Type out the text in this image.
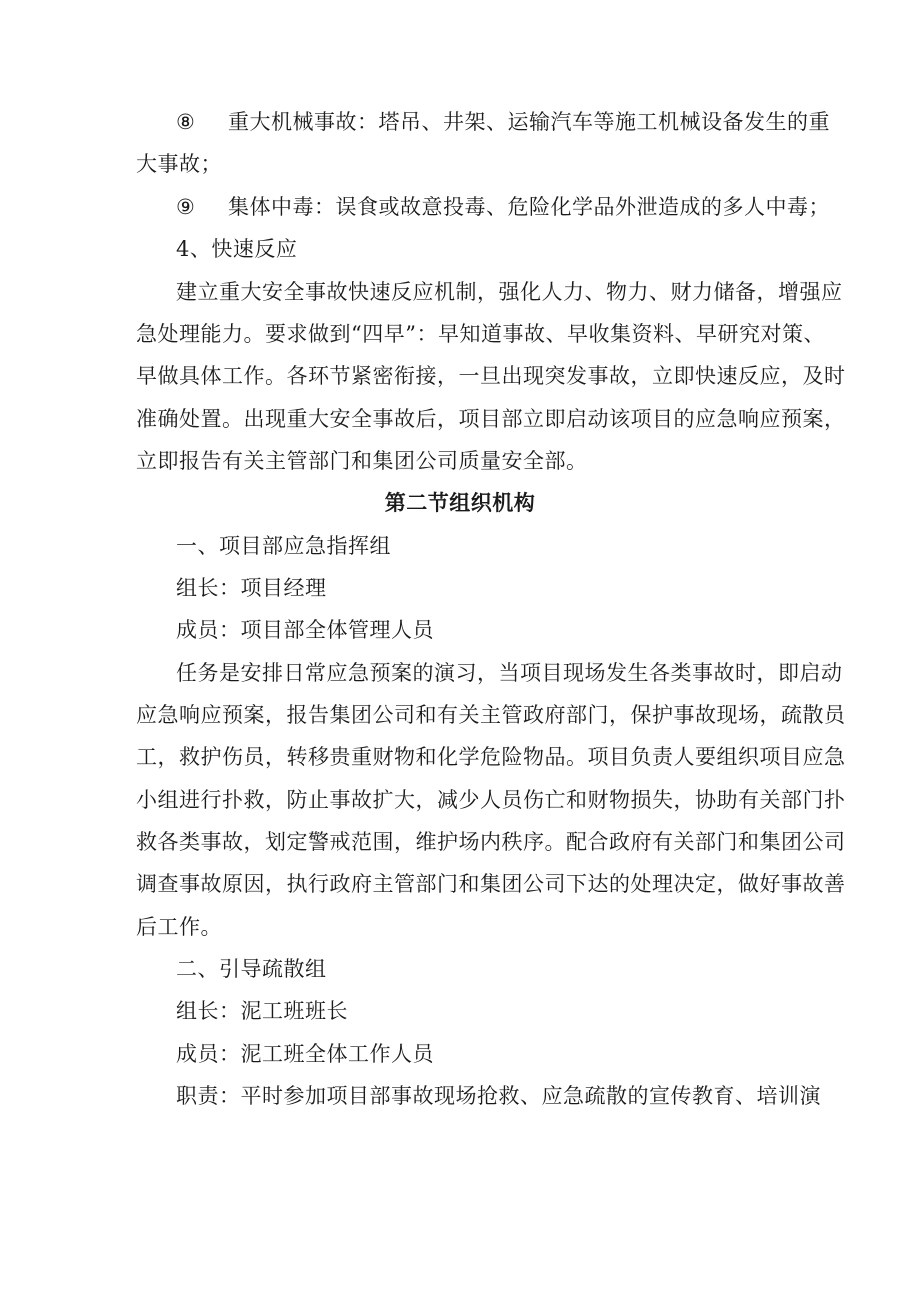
⑧ 重大机械事故：塔吊、井架、运输汽车等施工机械设备发生的重
大事故；
⑨ 集体中毒：误食或故意投毒、危险化学品外泄造成的多人中毒；
4、快速反应
建立重大安全事故快速反应机制，强化人力、物力、财力储备，增强应
急处理能力。要求做到“四早”：早知道事故、早收集资料、早研究对策、
早做具体工作。各环节紧密衔接，一旦出现突发事故，立即快速反应，及时
准确处置。出现重大安全事故后，项目部立即启动该项目的应急响应预案，
立即报告有关主管部门和集团公司质量安全部。
第二节组织机构
一、项目部应急指挥组
组长：项目经理
成员：项目部全体管理人员
任务是安排日常应急预案的演习，当项目现场发生各类事故时，即启动
应急响应预案，报告集团公司和有关主管政府部门，保护事故现场，疏散员
工，救护伤员，转移贵重财物和化学危险物品。项目负责人要组织项目应急
小组进行扑救，防止事故扩大，减少人员伤亡和财物损失，协助有关部门扑
救各类事故，划定警戒范围，维护场内秩序。配合政府有关部门和集团公司
调查事故原因，执行政府主管部门和集团公司下达的处理决定，做好事故善
后工作。
二、引导疏散组
组长：泥工班班长
成员：泥工班全体工作人员
职责：平时参加项目部事故现场抢救、应急疏散的宣传教育、培训演
